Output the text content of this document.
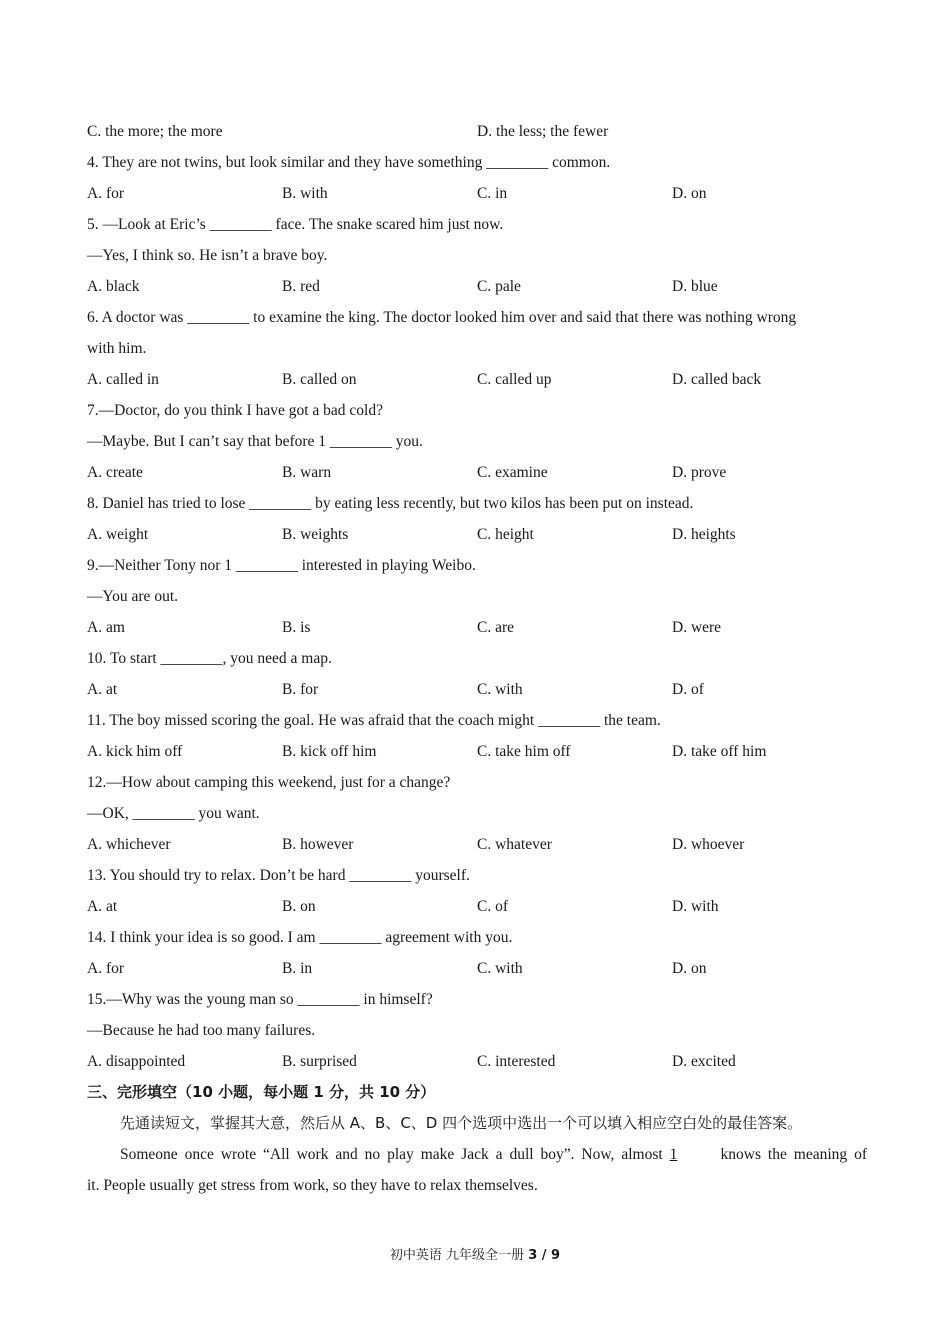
C. the more; the more	D. the less; the fewer
4. They are not twins, but look similar and they have something ________ common.
A. for	B. with	C. in	D. on
5. —Look at Eric’s ________ face. The snake scared him just now.
—Yes, I think so. He isn’t a brave boy.
A. black	B. red	C. pale	D. blue
6. A doctor was ________ to examine the king. The doctor looked him over and said that there was nothing wrong
with him.
A. called in	B. called on	C. called up	D. called back
7.—Doctor, do you think I have got a bad cold?
—Maybe. But I can’t say that before 1 ________ you.
A. create	B. warn	C. examine	D. prove
8. Daniel has tried to lose ________ by eating less recently, but two kilos has been put on instead.
A. weight	B. weights	C. height	D. heights
9.—Neither Tony nor 1 ________ interested in playing Weibo.
—You are out.
A. am	B. is	C. are	D. were
10. To start ________, you need a map.
A. at	B. for	C. with	D. of
11. The boy missed scoring the goal. He was afraid that the coach might ________ the team.
A. kick him off	B. kick off him	C. take him off	D. take off him
12.—How about camping this weekend, just for a change?
—OK, ________ you want.
A. whichever	B. however	C. whatever	D. whoever
13. You should try to relax. Don’t be hard ________ yourself.
A. at	B. on	C. of	D. with
14. I think your idea is so good. I am ________ agreement with you.
A. for	B. in	C. with	D. on
15.—Why was the young man so ________ in himself?
—Because he had too many failures.
A. disappointed	B. surprised	C. interested	D. excited
三、完形填空（10 小题，每小题 1 分，共 10 分）
先通读短文，掌握其大意，然后从 A、B、C、D 四个选项中选出一个可以填入相应空白处的最佳答案。
Someone once wrote “All work and no play make Jack a dull boy”. Now, almost 1	knows the meaning of
it. People usually get stress from work, so they have to relax themselves.
初中英语 九年级全一册 3 / 9
